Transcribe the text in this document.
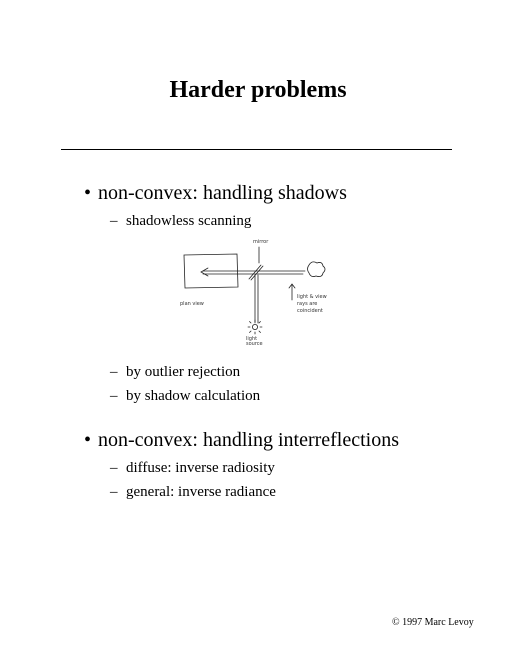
Harder problems
• non-convex: handling shadows
– shadowless scanning
mirror
plan view
light & view
rays are
coincident
light
source
– by outlier rejection
– by shadow calculation
• non-convex: handling interreflections
– diffuse: inverse radiosity
– general: inverse radiance
© 1997 Marc Levoy
